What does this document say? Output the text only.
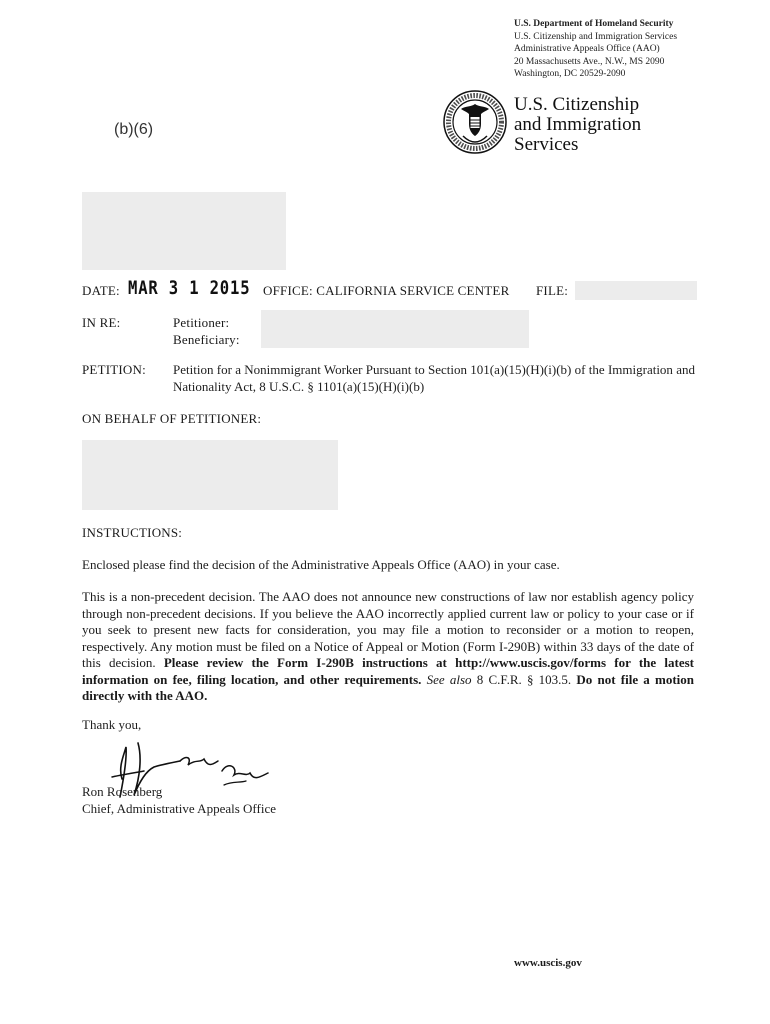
U.S. Department of Homeland Security
U.S. Citizenship and Immigration Services
Administrative Appeals Office (AAO)
20 Massachusetts Ave., N.W., MS 2090
Washington, DC 20529-2090
U.S. Citizenship
and Immigration
Services
(b)(6)
DATE: MAR 3 1 2015 OFFICE: CALIFORNIA SERVICE CENTER FILE:
IN RE:	Petitioner:
Beneficiary:
PETITION: Petition for a Nonimmigrant Worker Pursuant to Section 101(a)(15)(H)(i)(b) of the Immigration and Nationality Act, 8 U.S.C. § 1101(a)(15)(H)(i)(b)
ON BEHALF OF PETITIONER:
INSTRUCTIONS:
Enclosed please find the decision of the Administrative Appeals Office (AAO) in your case.
This is a non-precedent decision. The AAO does not announce new constructions of law nor establish agency policy through non-precedent decisions. If you believe the AAO incorrectly applied current law or policy to your case or if you seek to present new facts for consideration, you may file a motion to reconsider or a motion to reopen, respectively. Any motion must be filed on a Notice of Appeal or Motion (Form I-290B) within 33 days of the date of this decision. Please review the Form I-290B instructions at http://www.uscis.gov/forms for the latest information on fee, filing location, and other requirements. See also 8 C.F.R. § 103.5. Do not file a motion directly with the AAO.
Thank you,
Ron Rosenberg
Chief, Administrative Appeals Office
www.uscis.gov
